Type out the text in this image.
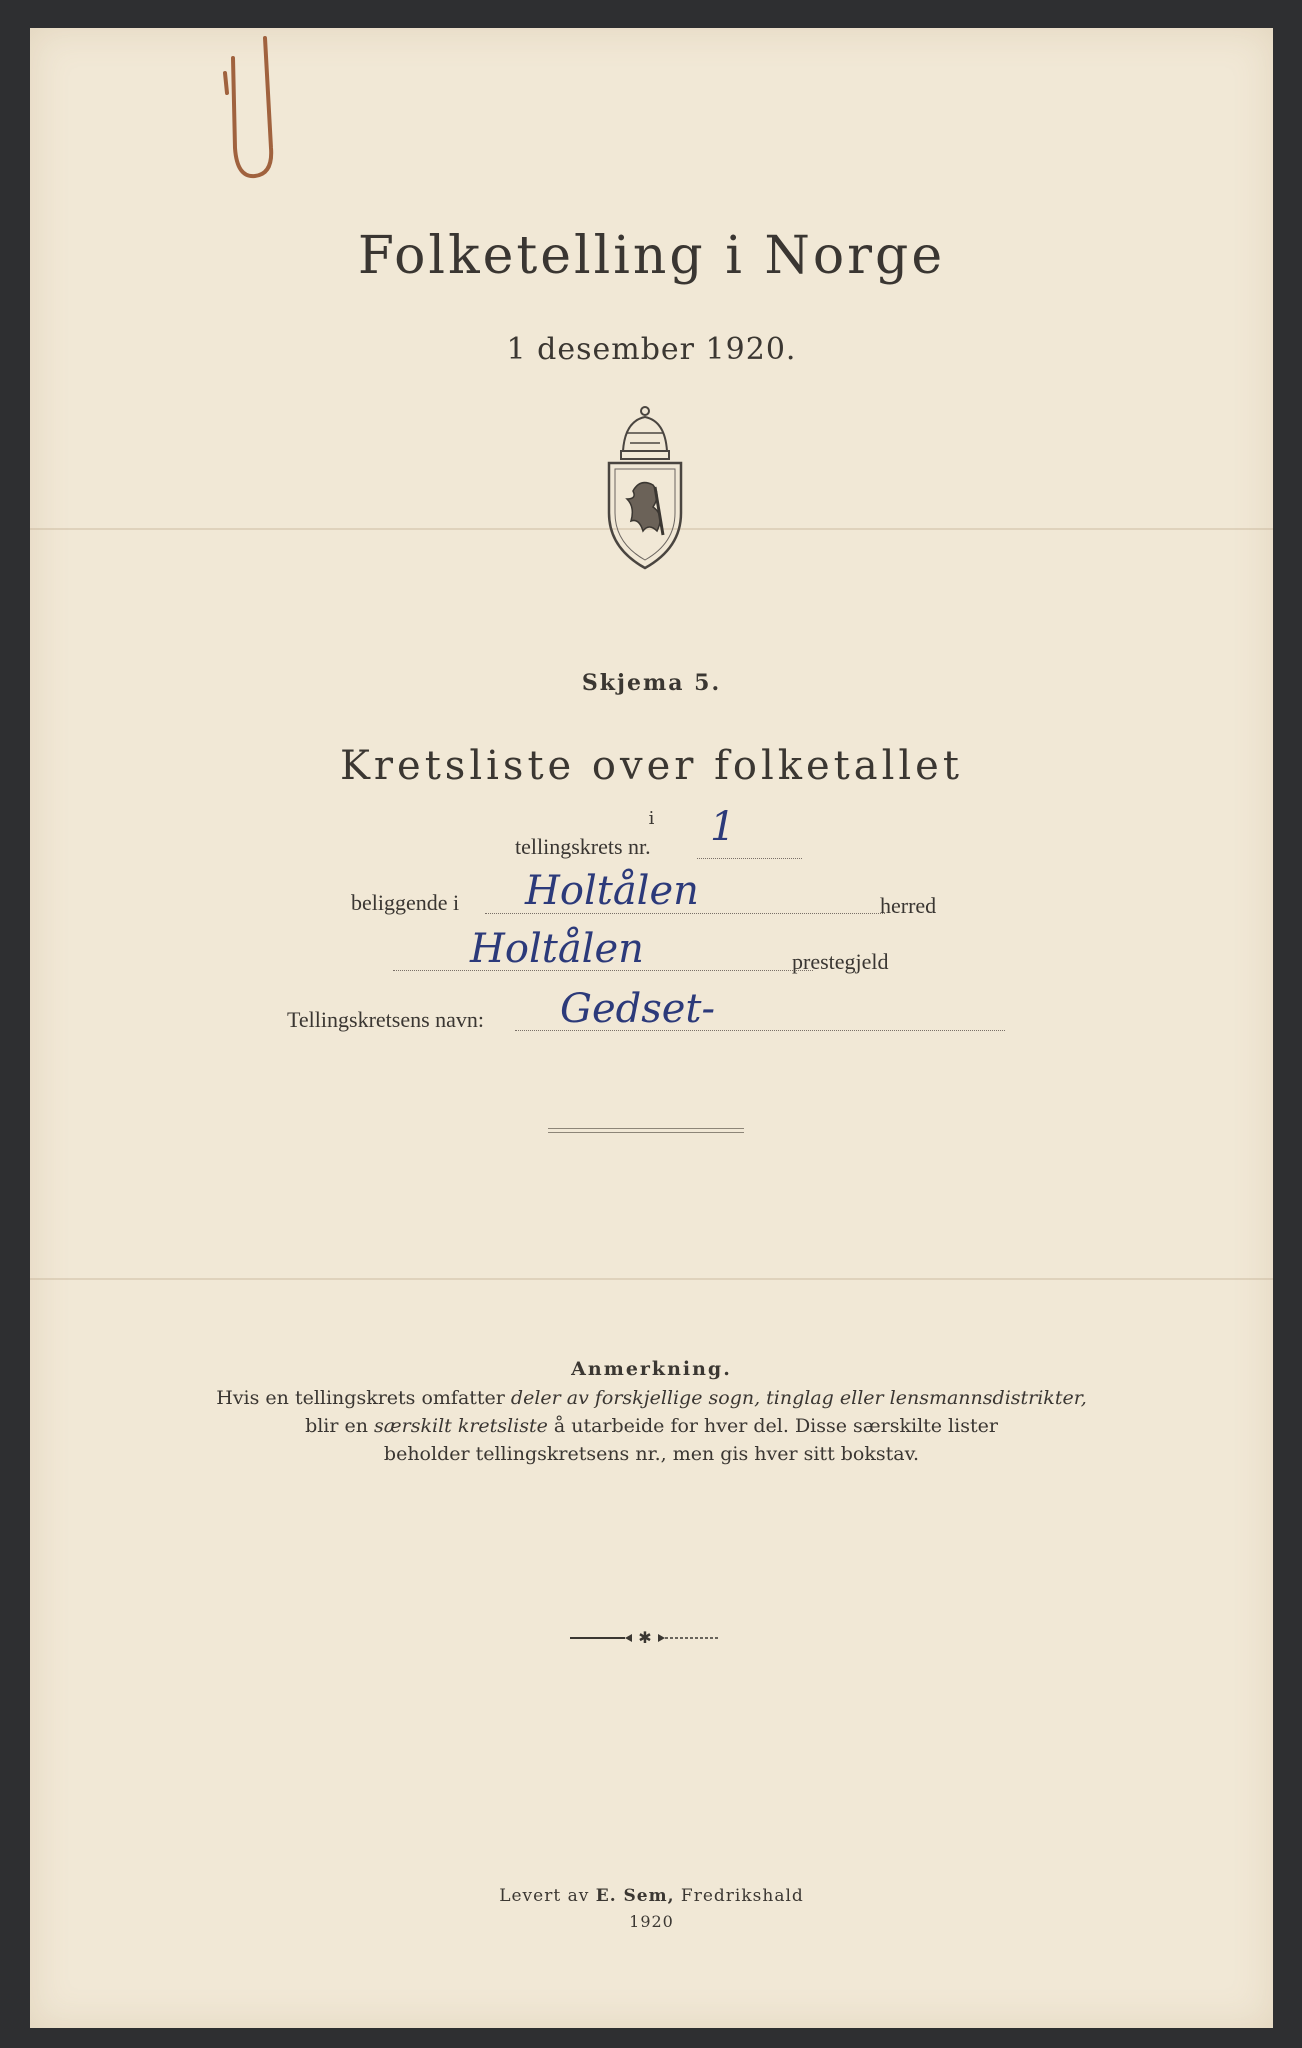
Folketelling i Norge
1 desember 1920.
Skjema 5.
Kretsliste over folketallet
i
tellingskrets nr. 1
beliggende i Holtålen	herred
Holtålen	prestegjeld
Tellingskretsens navn: Gedset-
Anmerkning.
Hvis en tellingskrets omfatter deler av forskjellige sogn, tinglag eller lensmannsdistrikter,
blir en særskilt kretsliste å utarbeide for hver del. Disse særskilte lister
beholder tellingskretsens nr., men gis hver sitt bokstav.
✱
Levert av E. Sem, Fredrikshald
1920
